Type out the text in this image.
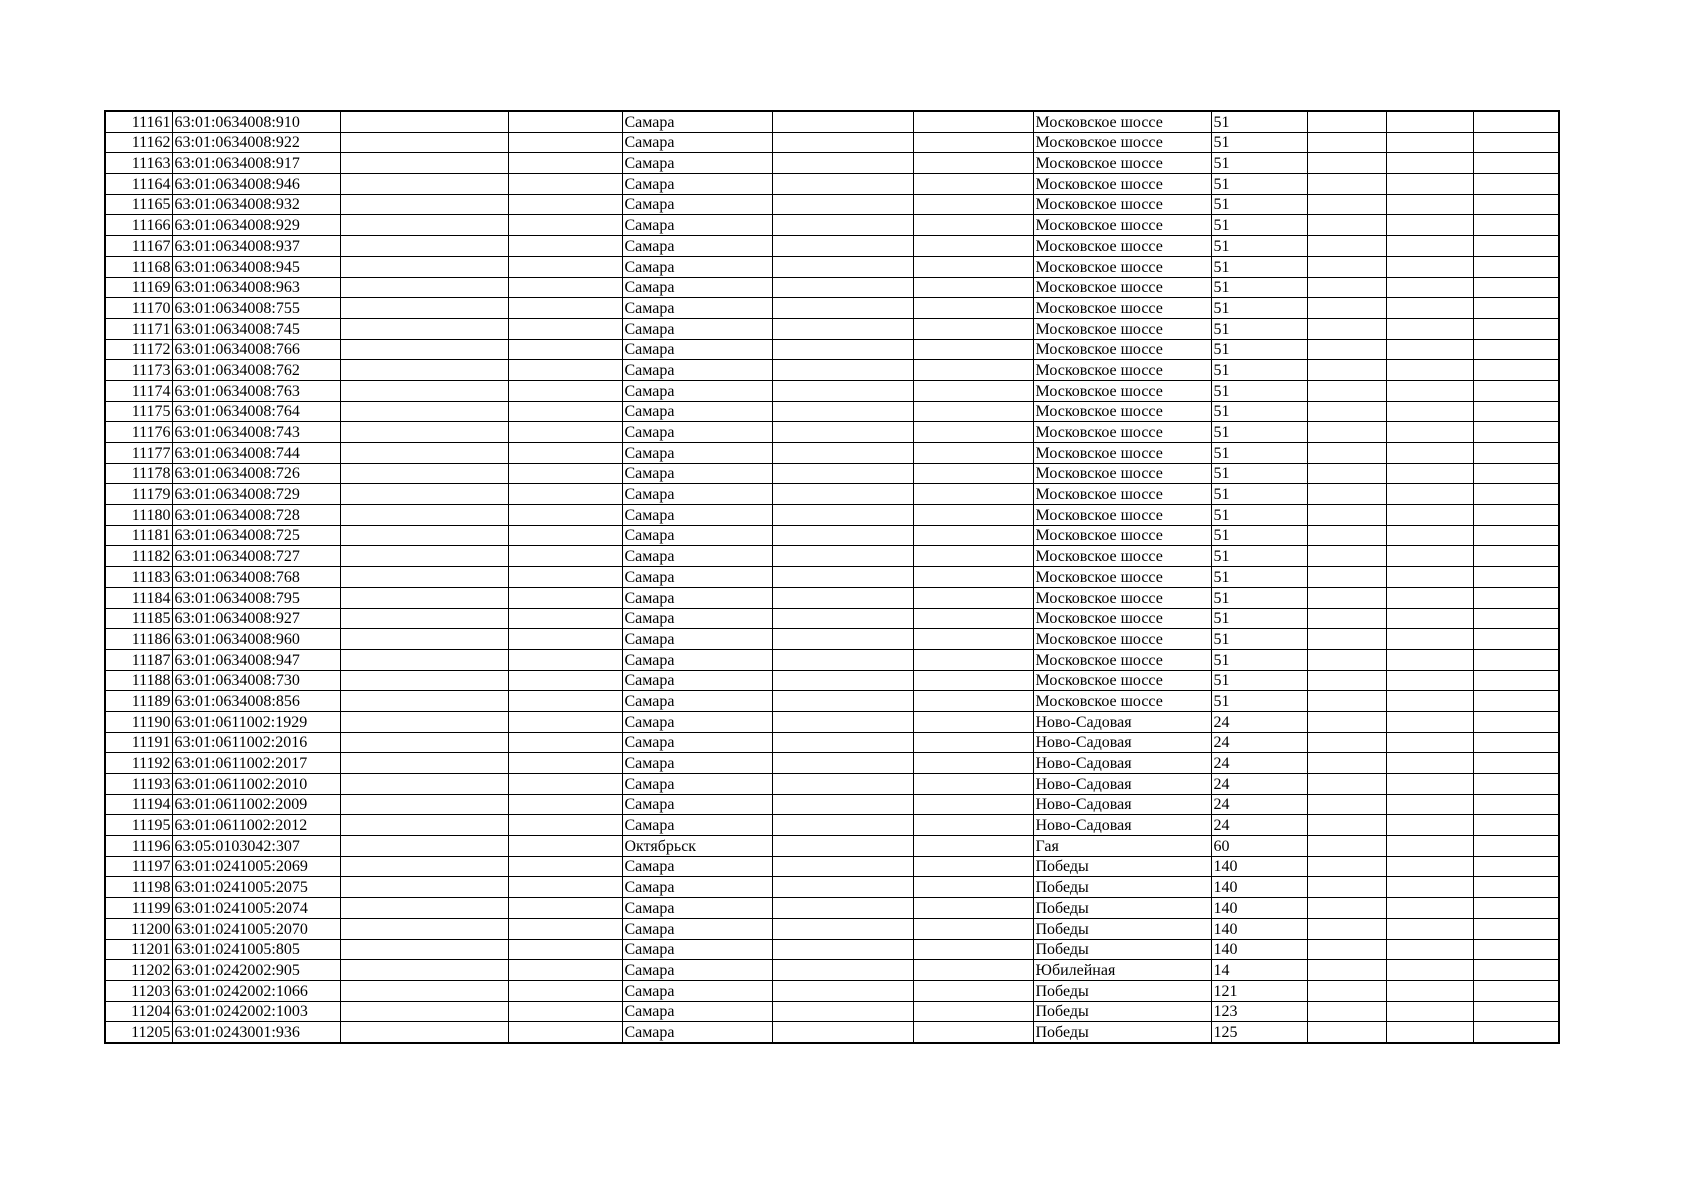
11161	63:01:0634008:910			Самара			Московское шоссе	51			
11162	63:01:0634008:922			Самара			Московское шоссе	51			
11163	63:01:0634008:917			Самара			Московское шоссе	51			
11164	63:01:0634008:946			Самара			Московское шоссе	51			
11165	63:01:0634008:932			Самара			Московское шоссе	51			
11166	63:01:0634008:929			Самара			Московское шоссе	51			
11167	63:01:0634008:937			Самара			Московское шоссе	51			
11168	63:01:0634008:945			Самара			Московское шоссе	51			
11169	63:01:0634008:963			Самара			Московское шоссе	51			
11170	63:01:0634008:755			Самара			Московское шоссе	51			
11171	63:01:0634008:745			Самара			Московское шоссе	51			
11172	63:01:0634008:766			Самара			Московское шоссе	51			
11173	63:01:0634008:762			Самара			Московское шоссе	51			
11174	63:01:0634008:763			Самара			Московское шоссе	51			
11175	63:01:0634008:764			Самара			Московское шоссе	51			
11176	63:01:0634008:743			Самара			Московское шоссе	51			
11177	63:01:0634008:744			Самара			Московское шоссе	51			
11178	63:01:0634008:726			Самара			Московское шоссе	51			
11179	63:01:0634008:729			Самара			Московское шоссе	51			
11180	63:01:0634008:728			Самара			Московское шоссе	51			
11181	63:01:0634008:725			Самара			Московское шоссе	51			
11182	63:01:0634008:727			Самара			Московское шоссе	51			
11183	63:01:0634008:768			Самара			Московское шоссе	51			
11184	63:01:0634008:795			Самара			Московское шоссе	51			
11185	63:01:0634008:927			Самара			Московское шоссе	51			
11186	63:01:0634008:960			Самара			Московское шоссе	51			
11187	63:01:0634008:947			Самара			Московское шоссе	51			
11188	63:01:0634008:730			Самара			Московское шоссе	51			
11189	63:01:0634008:856			Самара			Московское шоссе	51			
11190	63:01:0611002:1929			Самара			Ново-Садовая	24			
11191	63:01:0611002:2016			Самара			Ново-Садовая	24			
11192	63:01:0611002:2017			Самара			Ново-Садовая	24			
11193	63:01:0611002:2010			Самара			Ново-Садовая	24			
11194	63:01:0611002:2009			Самара			Ново-Садовая	24			
11195	63:01:0611002:2012			Самара			Ново-Садовая	24			
11196	63:05:0103042:307			Октябрьск			Гая	60			
11197	63:01:0241005:2069			Самара			Победы	140			
11198	63:01:0241005:2075			Самара			Победы	140			
11199	63:01:0241005:2074			Самара			Победы	140			
11200	63:01:0241005:2070			Самара			Победы	140			
11201	63:01:0241005:805			Самара			Победы	140			
11202	63:01:0242002:905			Самара			Юбилейная	14			
11203	63:01:0242002:1066			Самара			Победы	121			
11204	63:01:0242002:1003			Самара			Победы	123			
11205	63:01:0243001:936			Самара			Победы	125			
